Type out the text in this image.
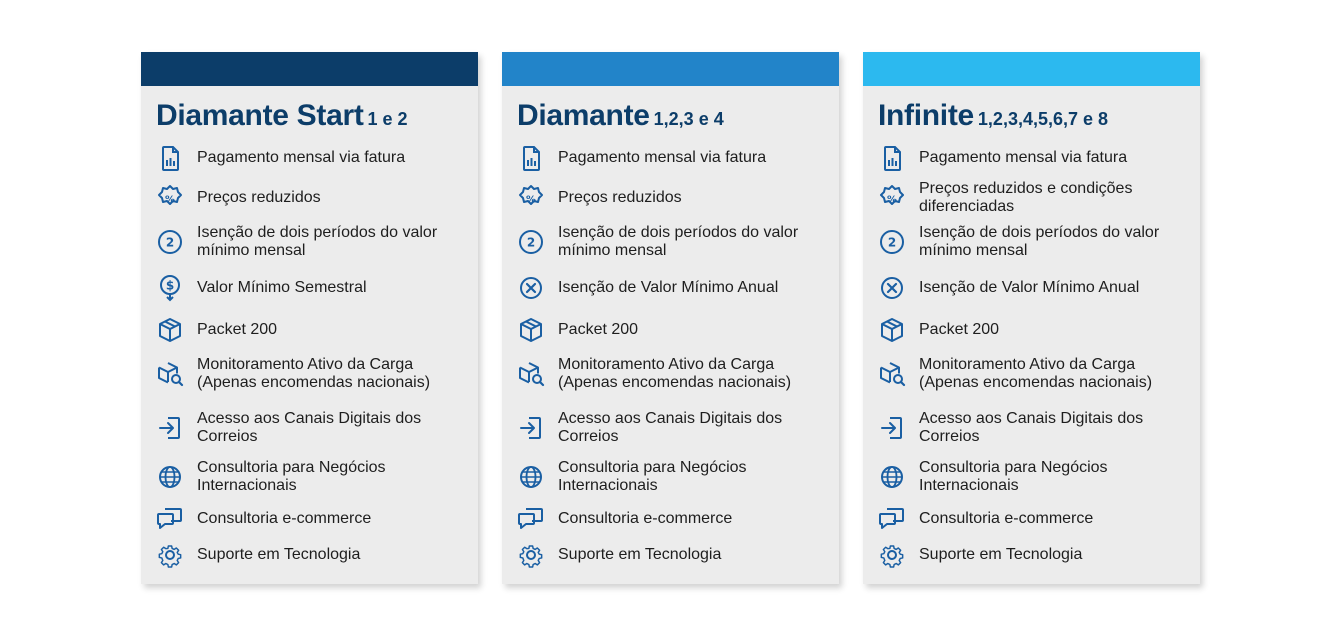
Diamante Start 1 e 2
Pagamento mensal via fatura
% Preços reduzidos
2
Isenção de dois períodos do valor mínimo mensal
$ Valor Mínimo Semestral
Packet 200
Monitoramento Ativo da Carga (Apenas encomendas nacionais)
Acesso aos Canais Digitais dos Correios
Consultoria para Negócios Internacionais
Consultoria e-commerce
Suporte em Tecnologia
Diamante 1,2,3 e 4
Pagamento mensal via fatura
% Preços reduzidos
2
Isenção de dois períodos do valor mínimo mensal
Isenção de Valor Mínimo Anual
Packet 200
Monitoramento Ativo da Carga (Apenas encomendas nacionais)
Acesso aos Canais Digitais dos Correios
Consultoria para Negócios Internacionais
Consultoria e-commerce
Suporte em Tecnologia
Infinite 1,2,3,4,5,6,7 e 8
Pagamento mensal via fatura
%
Preços reduzidos e condições diferenciadas
2
Isenção de dois períodos do valor mínimo mensal
Isenção de Valor Mínimo Anual
Packet 200
Monitoramento Ativo da Carga (Apenas encomendas nacionais)
Acesso aos Canais Digitais dos Correios
Consultoria para Negócios Internacionais
Consultoria e-commerce
Suporte em Tecnologia
